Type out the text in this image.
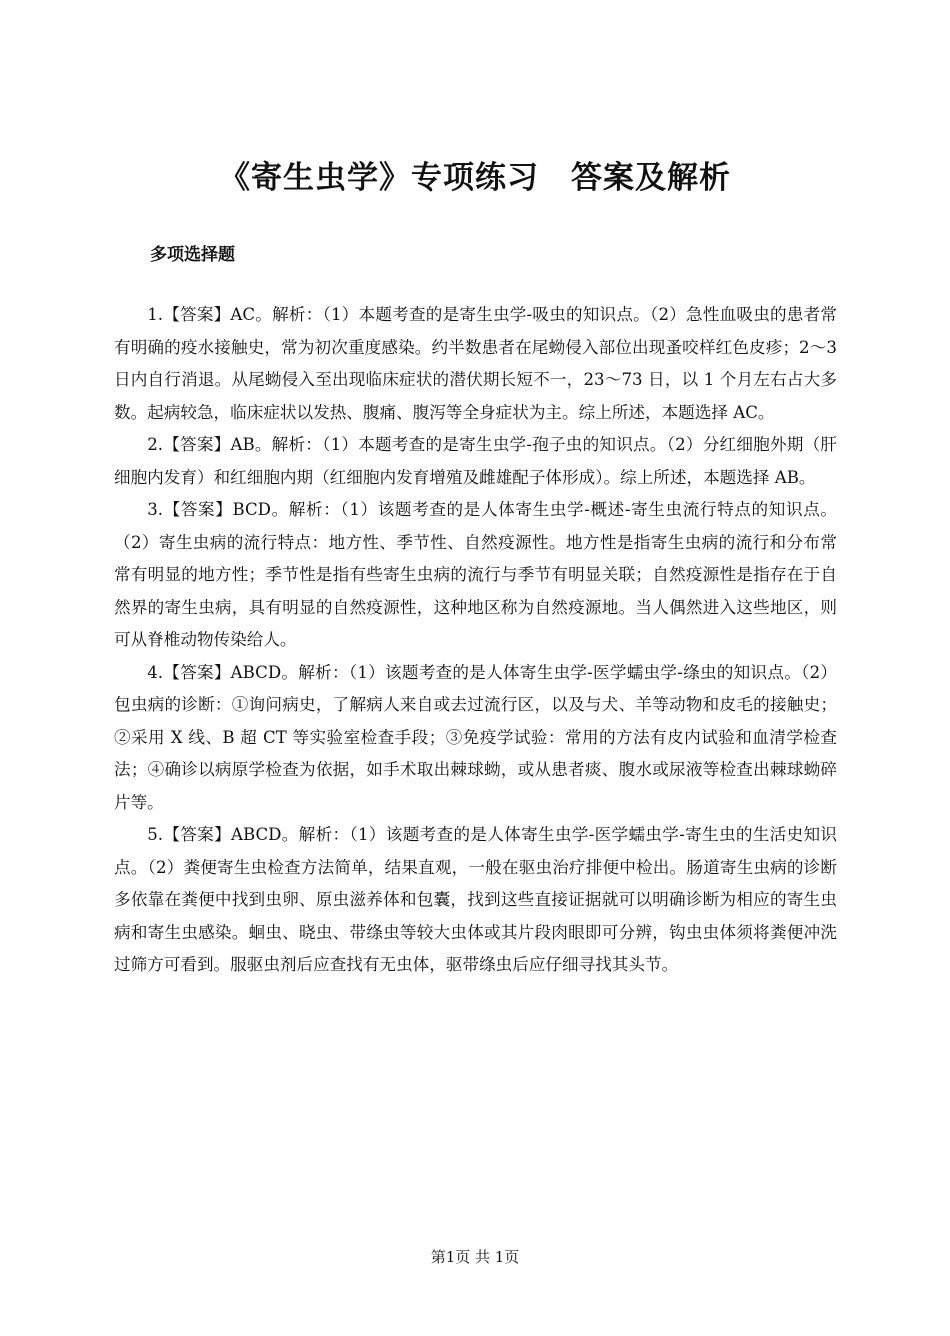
《寄生虫学》专项练习　答案及解析
多项选择题

1.【答案】AC。解析：（1）本题考查的是寄生虫学-吸虫的知识点。（2）急性血吸虫的患者常有明确的疫水接触史，常为初次重度感染。约半数患者在尾蚴侵入部位出现蚤咬样红色皮疹；2～3 日内自行消退。从尾蚴侵入至出现临床症状的潜伏期长短不一，23～73 日，以 1 个月左右占大多数。起病较急，临床症状以发热、腹痛、腹泻等全身症状为主。综上所述，本题选择 AC。

2.【答案】AB。解析：（1）本题考查的是寄生虫学-孢子虫的知识点。（2）分红细胞外期（肝细胞内发育）和红细胞内期（红细胞内发育增殖及雌雄配子体形成）。综上所述，本题选择 AB。

3.【答案】BCD。解析：（1）该题考查的是人体寄生虫学-概述-寄生虫流行特点的知识点。（2）寄生虫病的流行特点：地方性、季节性、自然疫源性。地方性是指寄生虫病的流行和分布常常有明显的地方性；季节性是指有些寄生虫病的流行与季节有明显关联；自然疫源性是指存在于自然界的寄生虫病，具有明显的自然疫源性，这种地区称为自然疫源地。当人偶然进入这些地区，则可从脊椎动物传染给人。

4.【答案】ABCD。解析：（1）该题考查的是人体寄生虫学-医学蠕虫学-绦虫的知识点。（2）包虫病的诊断：①询问病史，了解病人来自或去过流行区，以及与犬、羊等动物和皮毛的接触史；②采用 X 线、B 超 CT 等实验室检查手段；③免疫学试验：常用的方法有皮内试验和血清学检查法；④确诊以病原学检查为依据，如手术取出棘球蚴，或从患者痰、腹水或尿液等检查出棘球蚴碎片等。

5.【答案】ABCD。解析：（1）该题考查的是人体寄生虫学-医学蠕虫学-寄生虫的生活史知识点。（2）粪便寄生虫检查方法简单，结果直观，一般在驱虫治疗排便中检出。肠道寄生虫病的诊断多依靠在粪便中找到虫卵、原虫滋养体和包囊，找到这些直接证据就可以明确诊断为相应的寄生虫病和寄生虫感染。蛔虫、晓虫、带绦虫等较大虫体或其片段肉眼即可分辨，钩虫虫体须将粪便冲洗过筛方可看到。服驱虫剂后应查找有无虫体，驱带绦虫后应仔细寻找其头节。

第1页 共 1页
